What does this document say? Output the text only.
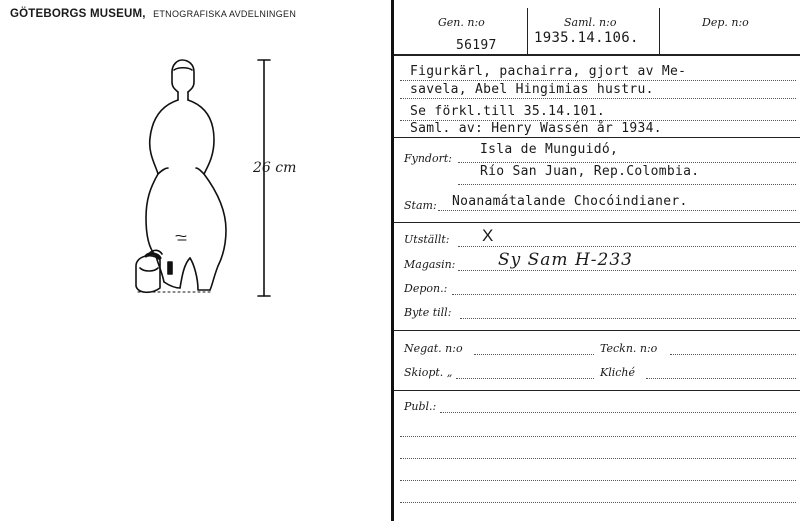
GÖTEBORGS MUSEUM, ETNOGRAFISKA AVDELNINGEN
26 cm
Gen. n:o
56197
Saml. n:o
1935.14.106.
Dep. n:o
Figurkärl, pachairra, gjort av Me-
savela, Abel Hingimias hustru.
Se förkl.till 35.14.101.
Saml. av: Henry Wassén år 1934.
Fyndort:
Isla de Munguidó,
Río San Juan, Rep.Colombia.
Stam: Noanamátalande Chocóindianer.
Utställt: X
Magasin:	Sy Sam H-233
Depon.:
Byte till:
Negat. n:o	Teckn. n:o
Skiopt. „	Kliché
Publ.:
